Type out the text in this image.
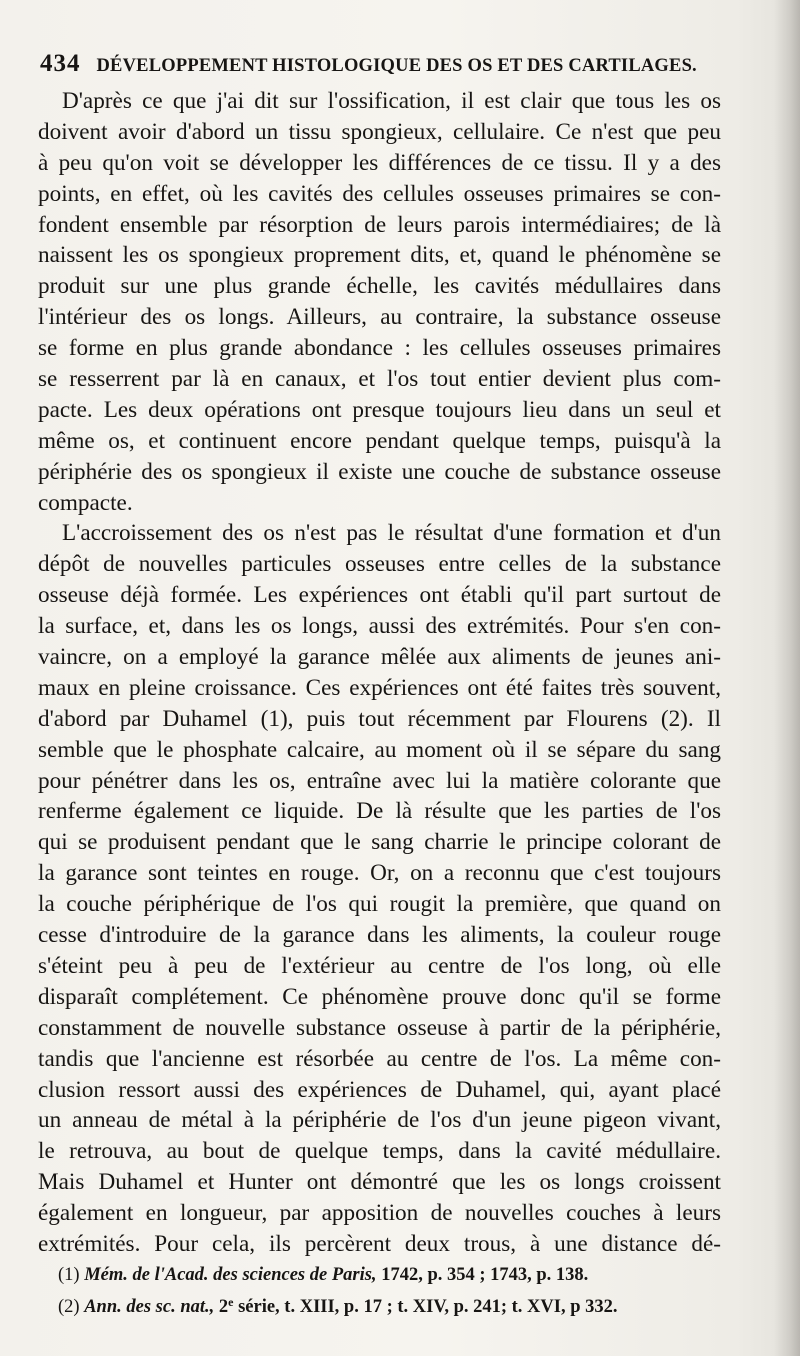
434 DÉVELOPPEMENT HISTOLOGIQUE DES OS ET DES CARTILAGES.
D'après ce que j'ai dit sur l'ossification, il est clair que tous les os
doivent avoir d'abord un tissu spongieux, cellulaire. Ce n'est que peu
à peu qu'on voit se développer les différences de ce tissu. Il y a des
points, en effet, où les cavités des cellules osseuses primaires se con-
fondent ensemble par résorption de leurs parois intermédiaires; de là
naissent les os spongieux proprement dits, et, quand le phénomène se
produit sur une plus grande échelle, les cavités médullaires dans
l'intérieur des os longs. Ailleurs, au contraire, la substance osseuse
se forme en plus grande abondance : les cellules osseuses primaires
se resserrent par là en canaux, et l'os tout entier devient plus com-
pacte. Les deux opérations ont presque toujours lieu dans un seul et
même os, et continuent encore pendant quelque temps, puisqu'à la
périphérie des os spongieux il existe une couche de substance osseuse
compacte.
L'accroissement des os n'est pas le résultat d'une formation et d'un
dépôt de nouvelles particules osseuses entre celles de la substance
osseuse déjà formée. Les expériences ont établi qu'il part surtout de
la surface, et, dans les os longs, aussi des extrémités. Pour s'en con-
vaincre, on a employé la garance mêlée aux aliments de jeunes ani-
maux en pleine croissance. Ces expériences ont été faites très souvent,
d'abord par Duhamel (1), puis tout récemment par Flourens (2). Il
semble que le phosphate calcaire, au moment où il se sépare du sang
pour pénétrer dans les os, entraîne avec lui la matière colorante que
renferme également ce liquide. De là résulte que les parties de l'os
qui se produisent pendant que le sang charrie le principe colorant de
la garance sont teintes en rouge. Or, on a reconnu que c'est toujours
la couche périphérique de l'os qui rougit la première, que quand on
cesse d'introduire de la garance dans les aliments, la couleur rouge
s'éteint peu à peu de l'extérieur au centre de l'os long, où elle
disparaît complétement. Ce phénomène prouve donc qu'il se forme
constamment de nouvelle substance osseuse à partir de la périphérie,
tandis que l'ancienne est résorbée au centre de l'os. La même con-
clusion ressort aussi des expériences de Duhamel, qui, ayant placé
un anneau de métal à la périphérie de l'os d'un jeune pigeon vivant,
le retrouva, au bout de quelque temps, dans la cavité médullaire.
Mais Duhamel et Hunter ont démontré que les os longs croissent
également en longueur, par apposition de nouvelles couches à leurs
extrémités. Pour cela, ils percèrent deux trous, à une distance dé-
(1) Mém. de l'Acad. des sciences de Paris, 1742, p. 354 ; 1743, p. 138.
(2) Ann. des sc. nat., 2e série, t. XIII, p. 17 ; t. XIV, p. 241; t. XVI, p 332.
